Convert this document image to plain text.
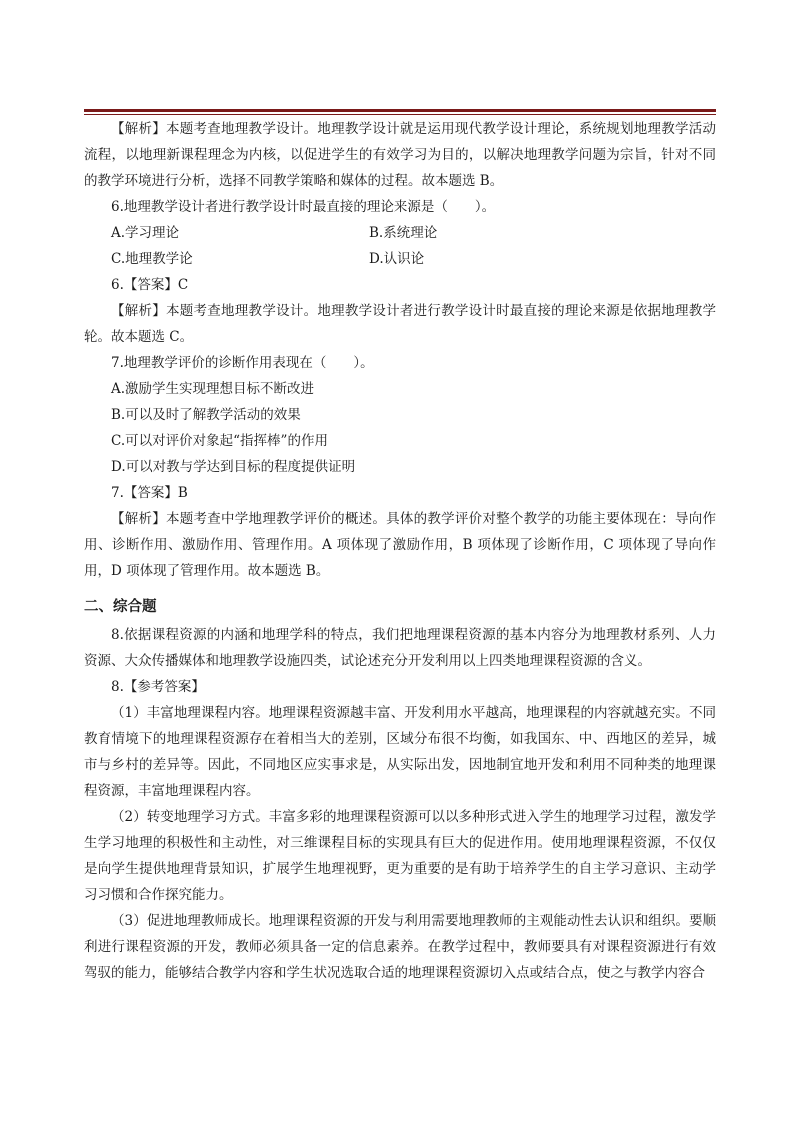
【解析】本题考查地理教学设计。地理教学设计就是运用现代教学设计理论，系统规划地理教学活动流程，以地理新课程理念为内核，以促进学生的有效学习为目的，以解决地理教学问题为宗旨，针对不同的教学环境进行分析，选择不同教学策略和媒体的过程。故本题选 B。

6.地理教学设计者进行教学设计时最直接的理论来源是（　　）。

A.学习理论	B.系统理论

C.地理教学论	D.认识论

6.【答案】C

【解析】本题考查地理教学设计。地理教学设计者进行教学设计时最直接的理论来源是依据地理教学轮。故本题选 C。

7.地理教学评价的诊断作用表现在（　　）。

A.激励学生实现理想目标不断改进

B.可以及时了解教学活动的效果

C.可以对评价对象起“指挥棒”的作用

D.可以对教与学达到目标的程度提供证明

7.【答案】B

【解析】本题考查中学地理教学评价的概述。具体的教学评价对整个教学的功能主要体现在：导向作用、诊断作用、激励作用、管理作用。A 项体现了激励作用，B 项体现了诊断作用，C 项体现了导向作用，D 项体现了管理作用。故本题选 B。

二、综合题

8.依据课程资源的内涵和地理学科的特点，我们把地理课程资源的基本内容分为地理教材系列、人力资源、大众传播媒体和地理教学设施四类，试论述充分开发利用以上四类地理课程资源的含义。

8.【参考答案】

（1）丰富地理课程内容。地理课程资源越丰富、开发利用水平越高，地理课程的内容就越充实。不同教育情境下的地理课程资源存在着相当大的差别，区域分布很不均衡，如我国东、中、西地区的差异，城市与乡村的差异等。因此，不同地区应实事求是，从实际出发，因地制宜地开发和利用不同种类的地理课程资源，丰富地理课程内容。

（2）转变地理学习方式。丰富多彩的地理课程资源可以以多种形式进入学生的地理学习过程，激发学生学习地理的积极性和主动性，对三维课程目标的实现具有巨大的促进作用。使用地理课程资源，不仅仅是向学生提供地理背景知识，扩展学生地理视野，更为重要的是有助于培养学生的自主学习意识、主动学习习惯和合作探究能力。

（3）促进地理教师成长。地理课程资源的开发与利用需要地理教师的主观能动性去认识和组织。要顺利进行课程资源的开发，教师必须具备一定的信息素养。在教学过程中，教师要具有对课程资源进行有效驾驭的能力，能够结合教学内容和学生状况选取合适的地理课程资源切入点或结合点，使之与教学内容合
